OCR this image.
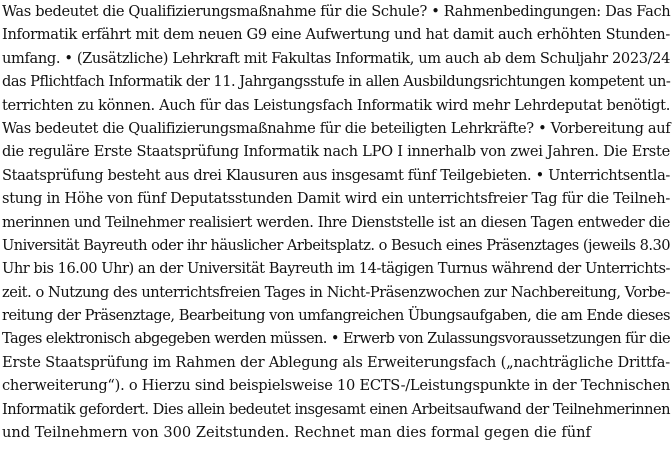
Was bedeutet die Qualifizierungsmaßnahme für die Schule? • Rahmenbedingungen: Das Fach
Informatik erfährt mit dem neuen G9 eine Aufwertung und hat damit auch erhöhten Stunden-
umfang. • (Zusätzliche) Lehrkraft mit Fakultas Informatik, um auch ab dem Schuljahr 2023/24
das Pflichtfach Informatik der 11. Jahrgangsstufe in allen Ausbildungsrichtungen kompetent un-
terrichten zu können. Auch für das Leistungsfach Informatik wird mehr Lehrdeputat benötigt.
Was bedeutet die Qualifizierungsmaßnahme für die beteiligten Lehrkräfte? • Vorbereitung auf
die reguläre Erste Staatsprüfung Informatik nach LPO I innerhalb von zwei Jahren. Die Erste
Staatsprüfung besteht aus drei Klausuren aus insgesamt fünf Teilgebieten. • Unterrichtsentla-
stung in Höhe von fünf Deputatsstunden Damit wird ein unterrichtsfreier Tag für die Teilneh-
merinnen und Teilnehmer realisiert werden. Ihre Dienststelle ist an diesen Tagen entweder die
Universität Bayreuth oder ihr häuslicher Arbeitsplatz. o Besuch eines Präsenztages (jeweils 8.30
Uhr bis 16.00 Uhr) an der Universität Bayreuth im 14-tägigen Turnus während der Unterrichts-
zeit. o Nutzung des unterrichtsfreien Tages in Nicht-Präsenzwochen zur Nachbereitung, Vorbe-
reitung der Präsenztage, Bearbeitung von umfangreichen Übungsaufgaben, die am Ende dieses
Tages elektronisch abgegeben werden müssen. • Erwerb von Zulassungsvoraussetzungen für die
Erste Staatsprüfung im Rahmen der Ablegung als Erweiterungsfach („nachträgliche Drittfa-
cherweiterung“). o Hierzu sind beispielsweise 10 ECTS-/Leistungspunkte in der Technischen
Informatik gefordert. Dies allein bedeutet insgesamt einen Arbeitsaufwand der Teilnehmerinnen
und Teilnehmern von 300 Zeitstunden. Rechnet man dies formal gegen die fünf
